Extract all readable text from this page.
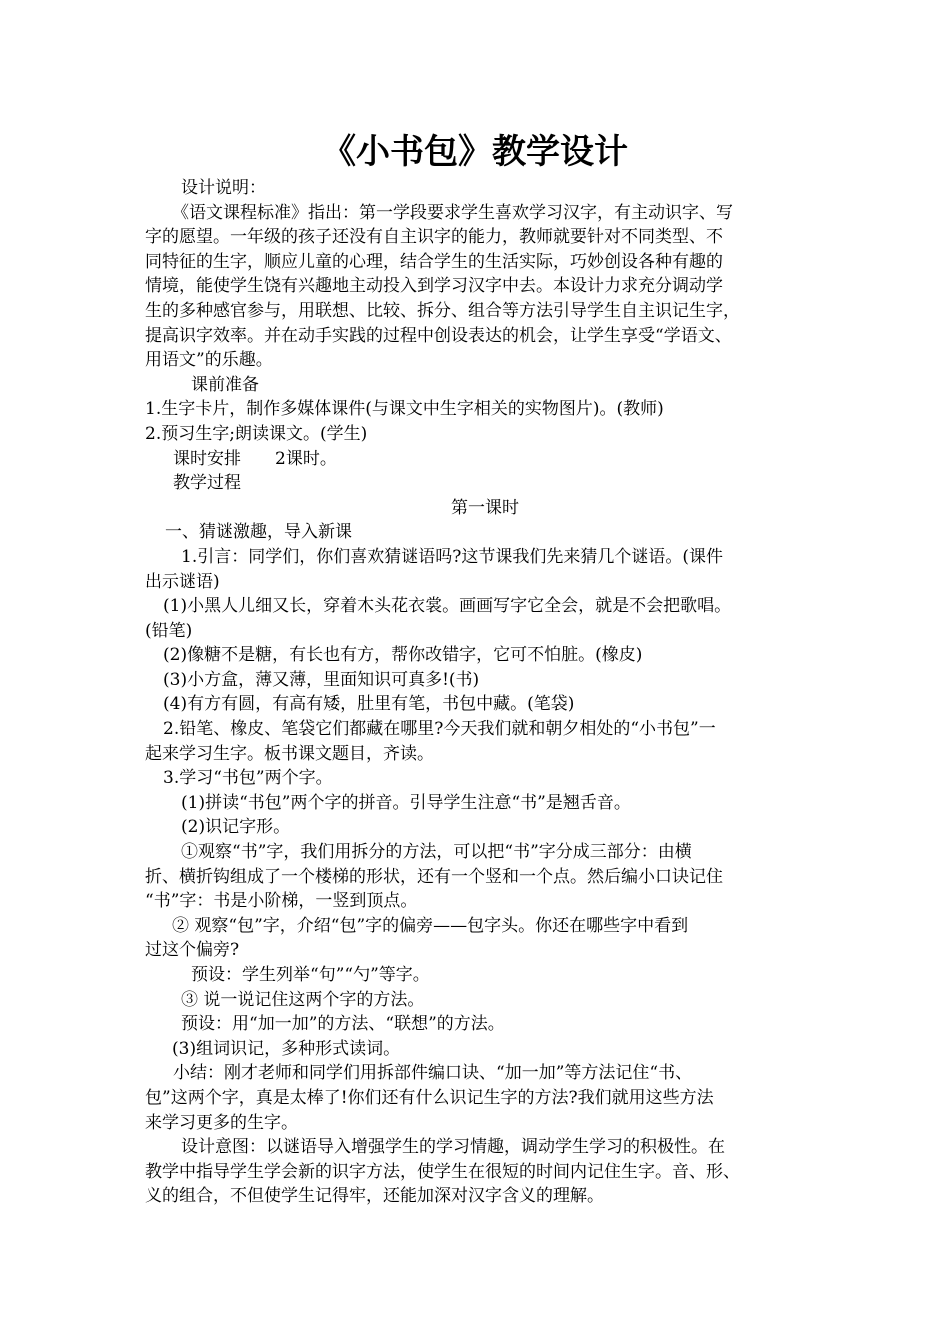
《小书包》教学设计

设计说明：

《语文课程标准》指出：第一学段要求学生喜欢学习汉字，有主动识字、写

字的愿望。一年级的孩子还没有自主识字的能力，教师就要针对不同类型、不

同特征的生字，顺应儿童的心理，结合学生的生活实际，巧妙创设各种有趣的

情境，能使学生饶有兴趣地主动投入到学习汉字中去。本设计力求充分调动学

生的多种感官参与，用联想、比较、拆分、组合等方法引导学生自主识记生字，

提高识字效率。并在动手实践的过程中创设表达的机会，让学生享受“学语文、

用语文”的乐趣。

课前准备

1.生字卡片，制作多媒体课件(与课文中生字相关的实物图片)。(教师)

2.预习生字;朗读课文。(学生)

课时安排　　2课时。

教学过程

第一课时

一、猜谜激趣，导入新课

1.引言：同学们，你们喜欢猜谜语吗?这节课我们先来猜几个谜语。(课件

出示谜语)

(1)小黑人儿细又长，穿着木头花衣裳。画画写字它全会，就是不会把歌唱。

(铅笔)

(2)像糖不是糖，有长也有方，帮你改错字，它可不怕脏。(橡皮)

(3)小方盒，薄又薄，里面知识可真多!(书)

(4)有方有圆，有高有矮，肚里有笔，书包中藏。(笔袋)

2.铅笔、橡皮、笔袋它们都藏在哪里?今天我们就和朝夕相处的“小书包”一

起来学习生字。板书课文题目，齐读。

3.学习“书包”两个字。

(1)拼读“书包”两个字的拼音。引导学生注意“书”是翘舌音。

(2)识记字形。

①观察“书”字，我们用拆分的方法，可以把“书”字分成三部分：由横

折、横折钩组成了一个楼梯的形状，还有一个竖和一个点。然后编小口诀记住

“书”字：书是小阶梯，一竖到顶点。

② 观察“包”字，介绍“包”字的偏旁——包字头。你还在哪些字中看到

过这个偏旁?

预设：学生列举“句”“勺”等字。

③ 说一说记住这两个字的方法。

预设：用“加一加”的方法、“联想”的方法。

(3)组词识记，多种形式读词。

小结：刚才老师和同学们用拆部件编口诀、“加一加”等方法记住“书、

包”这两个字，真是太棒了!你们还有什么识记生字的方法?我们就用这些方法

来学习更多的生字。

设计意图：以谜语导入增强学生的学习情趣，调动学生学习的积极性。在

教学中指导学生学会新的识字方法，使学生在很短的时间内记住生字。音、形、

义的组合，不但使学生记得牢，还能加深对汉字含义的理解。
